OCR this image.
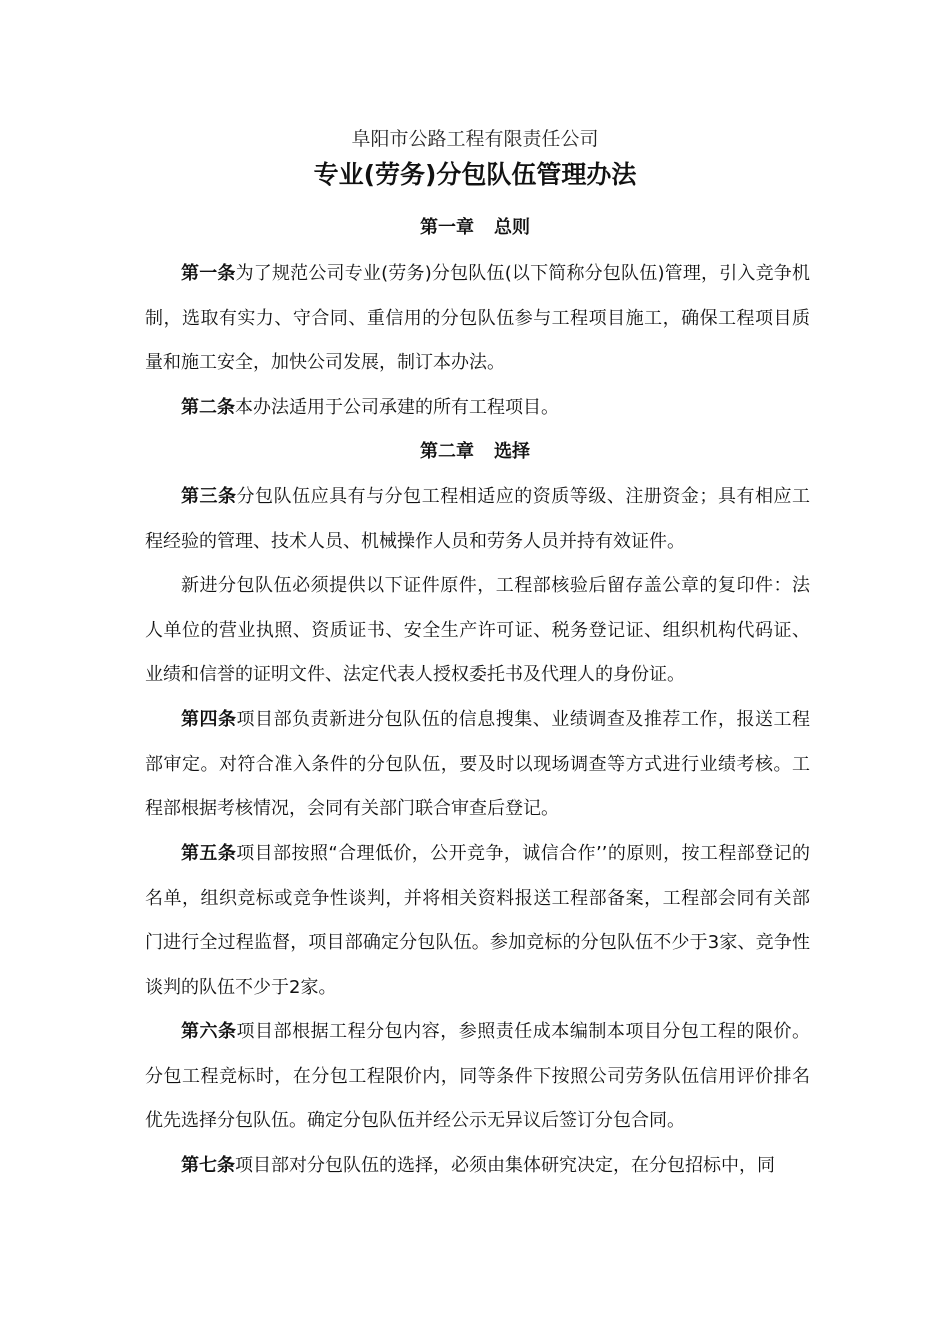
阜阳市公路工程有限责任公司
专业(劳务)分包队伍管理办法
第一章 总则

第一条为了规范公司专业(劳务)分包队伍(以下简称分包队伍)管理，引入竞争机制，选取有实力、守合同、重信用的分包队伍参与工程项目施工，确保工程项目质量和施工安全，加快公司发展，制订本办法。

第二条本办法适用于公司承建的所有工程项目。

第二章 选择

第三条分包队伍应具有与分包工程相适应的资质等级、注册资金；具有相应工程经验的管理、技术人员、机械操作人员和劳务人员并持有效证件。

新进分包队伍必须提供以下证件原件，工程部核验后留存盖公章的复印件：法人单位的营业执照、资质证书、安全生产许可证、税务登记证、组织机构代码证、业绩和信誉的证明文件、法定代表人授权委托书及代理人的身份证。

第四条项目部负责新进分包队伍的信息搜集、业绩调查及推荐工作，报送工程部审定。对符合准入条件的分包队伍，要及时以现场调查等方式进行业绩考核。工程部根据考核情况，会同有关部门联合审查后登记。

第五条项目部按照“合理低价，公开竞争，诚信合作’’的原则，按工程部登记的名单，组织竞标或竞争性谈判，并将相关资料报送工程部备案，工程部会同有关部门进行全过程监督，项目部确定分包队伍。参加竞标的分包队伍不少于3家、竞争性谈判的队伍不少于2家。

第六条项目部根据工程分包内容，参照责任成本编制本项目分包工程的限价。分包工程竞标时，在分包工程限价内，同等条件下按照公司劳务队伍信用评价排名优先选择分包队伍。确定分包队伍并经公示无异议后签订分包合同。

第七条项目部对分包队伍的选择，必须由集体研究决定，在分包招标中，同
